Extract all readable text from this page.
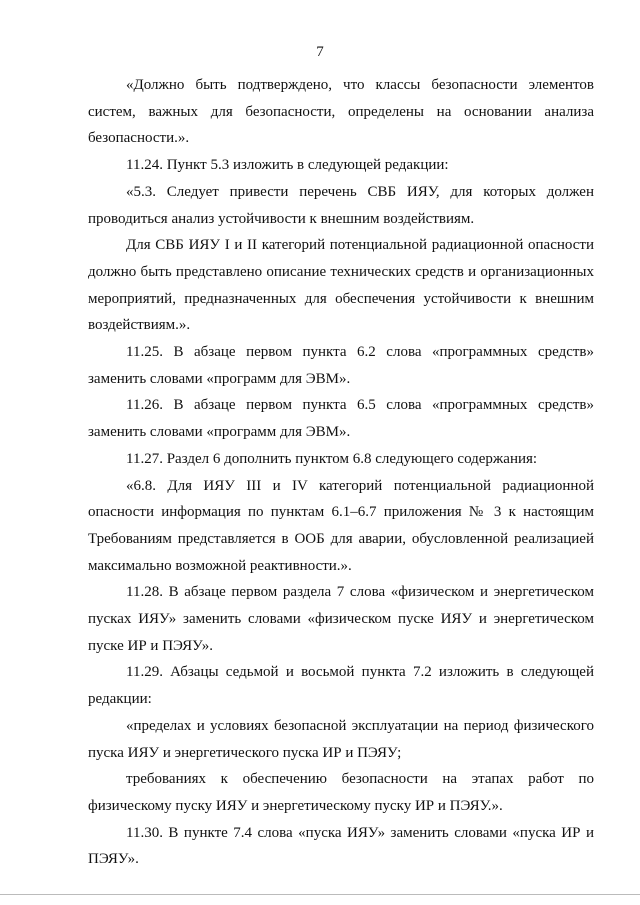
7

«Должно быть подтверждено, что классы безопасности элементов систем, важных для безопасности, определены на основании анализа безопасности.».

11.24. Пункт 5.3 изложить в следующей редакции:

«5.3. Следует привести перечень СВБ ИЯУ, для которых должен проводиться анализ устойчивости к внешним воздействиям.

Для СВБ ИЯУ I и II категорий потенциальной радиационной опасности должно быть представлено описание технических средств и организационных мероприятий, предназначенных для обеспечения устойчивости к внешним воздействиям.».

11.25. В абзаце первом пункта 6.2 слова «программных средств» заменить словами «программ для ЭВМ».

11.26. В абзаце первом пункта 6.5 слова «программных средств» заменить словами «программ для ЭВМ».

11.27. Раздел 6 дополнить пунктом 6.8 следующего содержания:

«6.8. Для ИЯУ III и IV категорий потенциальной радиационной опасности информация по пунктам 6.1–6.7 приложения № 3 к настоящим Требованиям представляется в ООБ для аварии, обусловленной реализацией максимально возможной реактивности.».

11.28. В абзаце первом раздела 7 слова «физическом и энергетическом пусках ИЯУ» заменить словами «физическом пуске ИЯУ и энергетическом пуске ИР и ПЭЯУ».

11.29. Абзацы седьмой и восьмой пункта 7.2 изложить в следующей редакции:

«пределах и условиях безопасной эксплуатации на период физического пуска ИЯУ и энергетического пуска ИР и ПЭЯУ;

требованиях к обеспечению безопасности на этапах работ по физическому пуску ИЯУ и энергетическому пуску ИР и ПЭЯУ.».

11.30. В пункте 7.4 слова «пуска ИЯУ» заменить словами «пуска ИР и ПЭЯУ».
